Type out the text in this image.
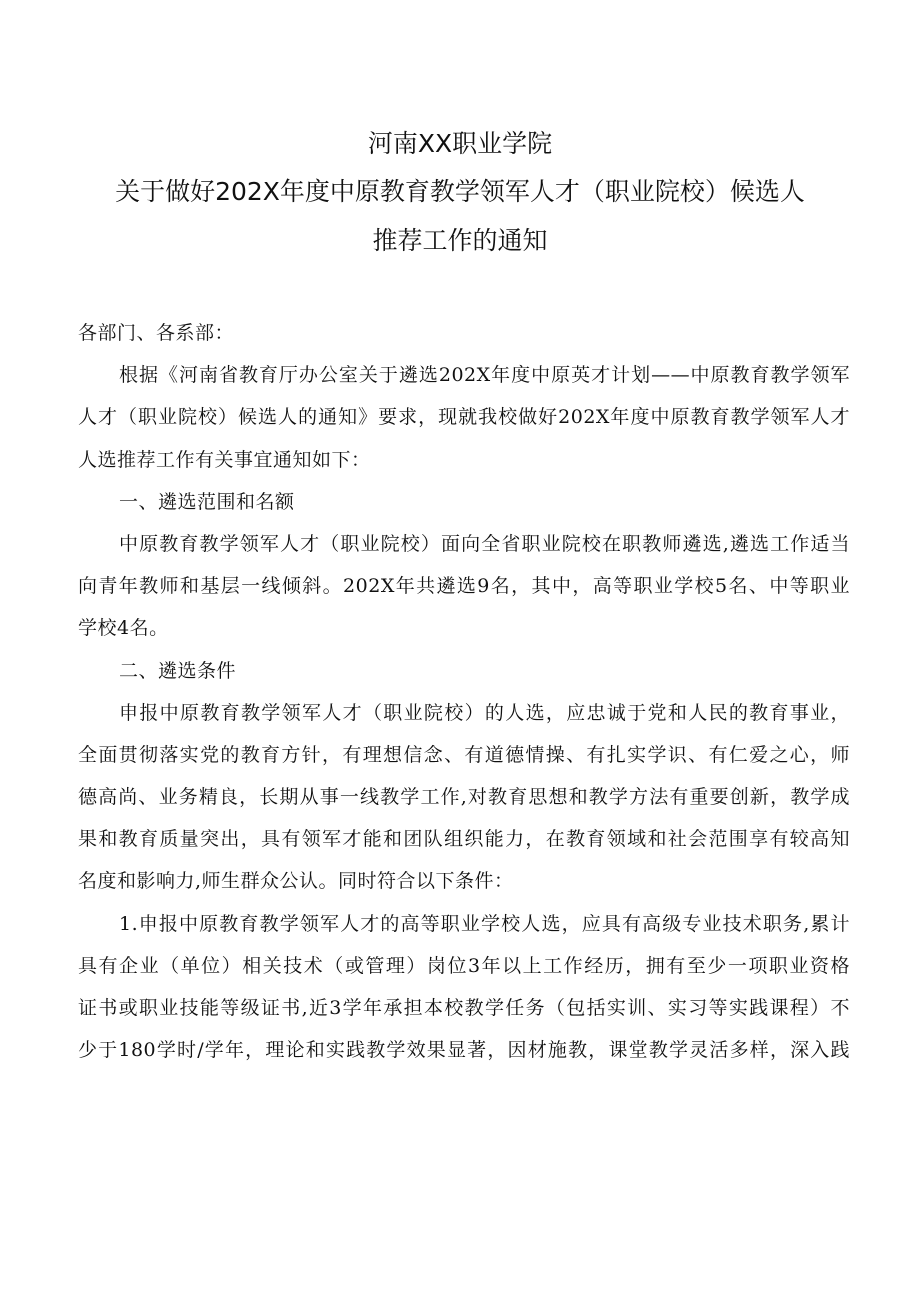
河南XX职业学院
关于做好202X年度中原教育教学领军人才（职业院校）候选人
推荐工作的通知
各部门、各系部：
根据《河南省教育厅办公室关于遴选202X年度中原英才计划——中原教育教学领军
人才（职业院校）候选人的通知》要求，现就我校做好202X年度中原教育教学领军人才
人选推荐工作有关事宜通知如下：
一、遴选范围和名额
中原教育教学领军人才（职业院校）面向全省职业院校在职教师遴选,遴选工作适当
向青年教师和基层一线倾斜。202X年共遴选9名，其中，高等职业学校5名、中等职业
学校4名。
二、遴选条件
申报中原教育教学领军人才（职业院校）的人选，应忠诚于党和人民的教育事业，
全面贯彻落实党的教育方针，有理想信念、有道德情操、有扎实学识、有仁爱之心，师
德高尚、业务精良，长期从事一线教学工作,对教育思想和教学方法有重要创新，教学成
果和教育质量突出，具有领军才能和团队组织能力，在教育领域和社会范围享有较高知
名度和影响力,师生群众公认。同时符合以下条件：
1.申报中原教育教学领军人才的高等职业学校人选，应具有高级专业技术职务,累计
具有企业（单位）相关技术（或管理）岗位3年以上工作经历，拥有至少一项职业资格
证书或职业技能等级证书,近3学年承担本校教学任务（包括实训、实习等实践课程）不
少于180学时/学年，理论和实践教学效果显著，因材施教，课堂教学灵活多样，深入践
